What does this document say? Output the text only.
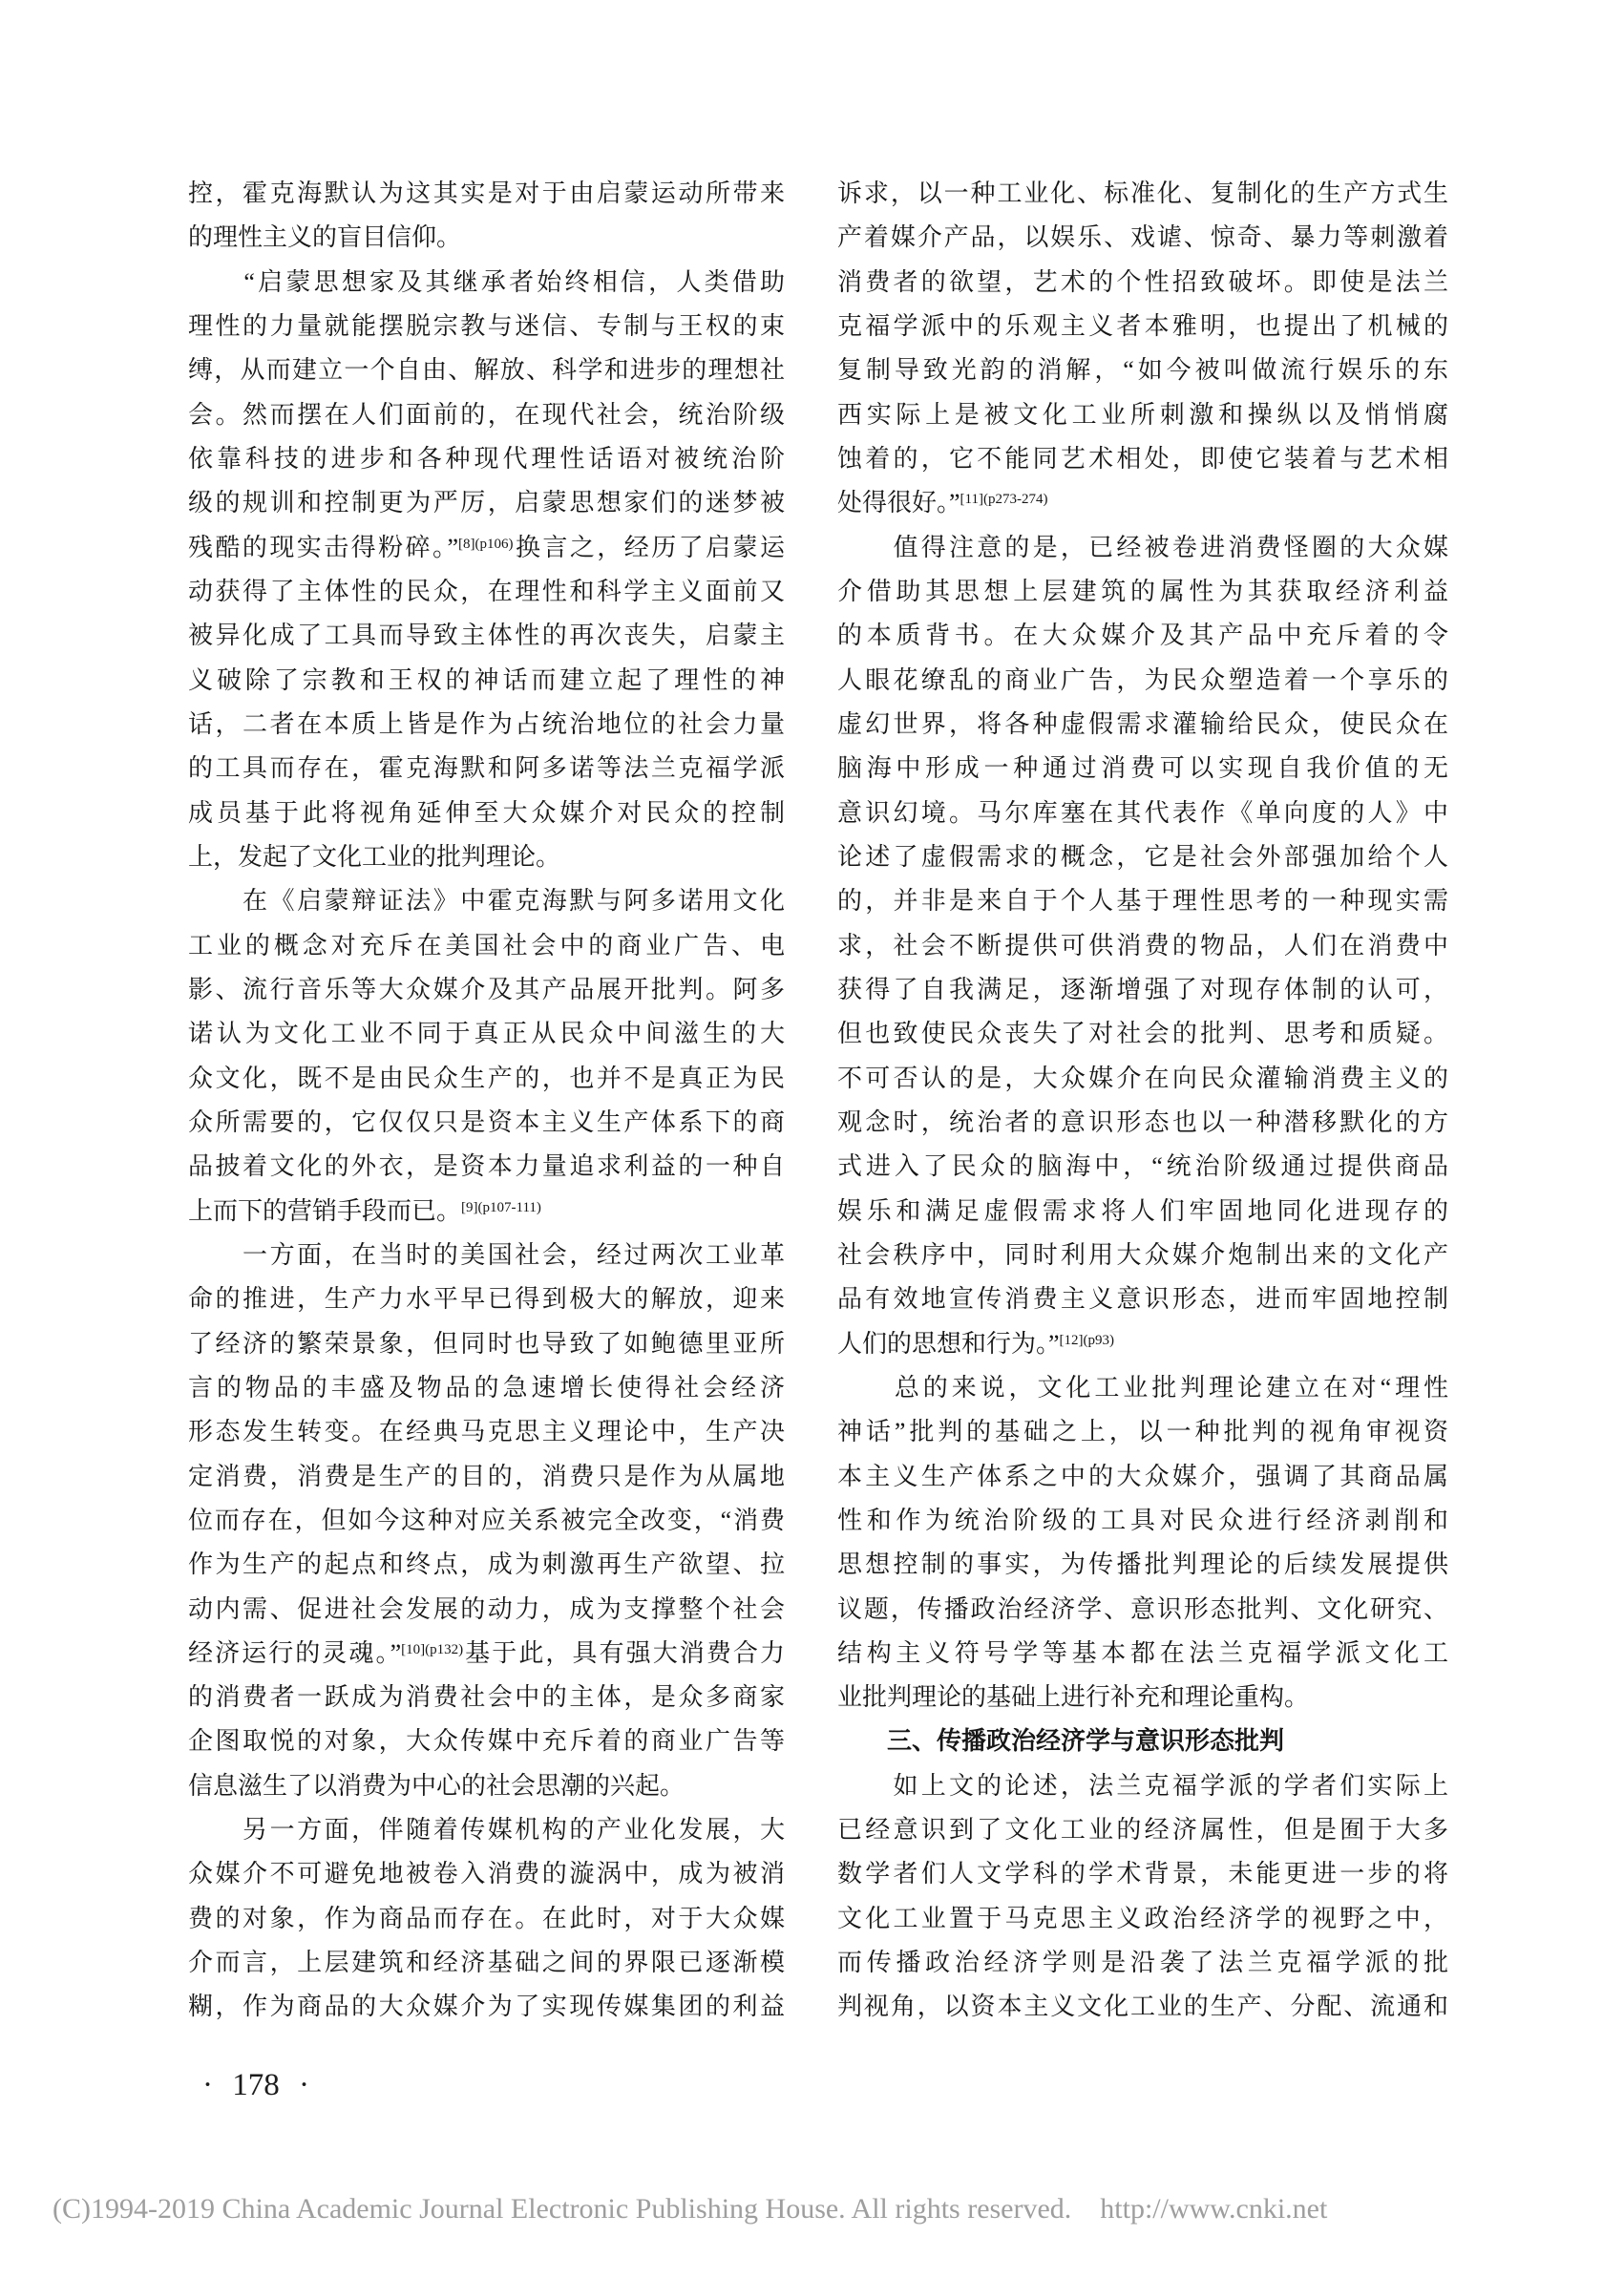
控，霍克海默认为这其实是对于由启蒙运动所带来
的理性主义的盲目信仰。
　　“启蒙思想家及其继承者始终相信，人类借助
理性的力量就能摆脱宗教与迷信、专制与王权的束
缚，从而建立一个自由、解放、科学和进步的理想社
会。然而摆在人们面前的，在现代社会，统治阶级
依靠科技的进步和各种现代理性话语对被统治阶
级的规训和控制更为严厉，启蒙思想家们的迷梦被
残酷的现实击得粉碎。”$^{[8](p106)}$换言之，经历了启蒙运
动获得了主体性的民众，在理性和科学主义面前又
被异化成了工具而导致主体性的再次丧失，启蒙主
义破除了宗教和王权的神话而建立起了理性的神
话，二者在本质上皆是作为占统治地位的社会力量
的工具而存在，霍克海默和阿多诺等法兰克福学派
成员基于此将视角延伸至大众媒介对民众的控制
上，发起了文化工业的批判理论。
　　在《启蒙辩证法》中霍克海默与阿多诺用文化
工业的概念对充斥在美国社会中的商业广告、电
影、流行音乐等大众媒介及其产品展开批判。阿多
诺认为文化工业不同于真正从民众中间滋生的大
众文化，既不是由民众生产的，也并不是真正为民
众所需要的，它仅仅只是资本主义生产体系下的商
品披着文化的外衣，是资本力量追求利益的一种自
上而下的营销手段而已。$^{[9](p107-111)}$
　　一方面，在当时的美国社会，经过两次工业革
命的推进，生产力水平早已得到极大的解放，迎来
了经济的繁荣景象，但同时也导致了如鲍德里亚所
言的物品的丰盛及物品的急速增长使得社会经济
形态发生转变。在经典马克思主义理论中，生产决
定消费，消费是生产的目的，消费只是作为从属地
位而存在，但如今这种对应关系被完全改变，“消费
作为生产的起点和终点，成为刺激再生产欲望、拉
动内需、促进社会发展的动力，成为支撑整个社会
经济运行的灵魂。”$^{[10](p132)}$基于此，具有强大消费合力
的消费者一跃成为消费社会中的主体，是众多商家
企图取悦的对象，大众传媒中充斥着的商业广告等
信息滋生了以消费为中心的社会思潮的兴起。
　　另一方面，伴随着传媒机构的产业化发展，大
众媒介不可避免地被卷入消费的漩涡中，成为被消
费的对象，作为商品而存在。在此时，对于大众媒
介而言，上层建筑和经济基础之间的界限已逐渐模
糊，作为商品的大众媒介为了实现传媒集团的利益
诉求，以一种工业化、标准化、复制化的生产方式生
产着媒介产品，以娱乐、戏谑、惊奇、暴力等刺激着
消费者的欲望，艺术的个性招致破坏。即使是法兰
克福学派中的乐观主义者本雅明，也提出了机械的
复制导致光韵的消解，“如今被叫做流行娱乐的东
西实际上是被文化工业所刺激和操纵以及悄悄腐
蚀着的，它不能同艺术相处，即使它装着与艺术相
处得很好。”$^{[11](p273-274)}$
　　值得注意的是，已经被卷进消费怪圈的大众媒
介借助其思想上层建筑的属性为其获取经济利益
的本质背书。在大众媒介及其产品中充斥着的令
人眼花缭乱的商业广告，为民众塑造着一个享乐的
虚幻世界，将各种虚假需求灌输给民众，使民众在
脑海中形成一种通过消费可以实现自我价值的无
意识幻境。马尔库塞在其代表作《单向度的人》中
论述了虚假需求的概念，它是社会外部强加给个人
的，并非是来自于个人基于理性思考的一种现实需
求，社会不断提供可供消费的物品，人们在消费中
获得了自我满足，逐渐增强了对现存体制的认可，
但也致使民众丧失了对社会的批判、思考和质疑。
不可否认的是，大众媒介在向民众灌输消费主义的
观念时，统治者的意识形态也以一种潜移默化的方
式进入了民众的脑海中，“统治阶级通过提供商品
娱乐和满足虚假需求将人们牢固地同化进现存的
社会秩序中，同时利用大众媒介炮制出来的文化产
品有效地宣传消费主义意识形态，进而牢固地控制
人们的思想和行为。”$^{[12](p93)}$
　　总的来说，文化工业批判理论建立在对“理性
神话”批判的基础之上，以一种批判的视角审视资
本主义生产体系之中的大众媒介，强调了其商品属
性和作为统治阶级的工具对民众进行经济剥削和
思想控制的事实，为传播批判理论的后续发展提供
议题，传播政治经济学、意识形态批判、文化研究、
结构主义符号学等基本都在法兰克福学派文化工
业批判理论的基础上进行补充和理论重构。
　　三、传播政治经济学与意识形态批判
　　如上文的论述，法兰克福学派的学者们实际上
已经意识到了文化工业的经济属性，但是囿于大多
数学者们人文学科的学术背景，未能更进一步的将
文化工业置于马克思主义政治经济学的视野之中，
而传播政治经济学则是沿袭了法兰克福学派的批
判视角，以资本主义文化工业的生产、分配、流通和
· 178 ·
(C)1994-2019 China Academic Journal Electronic Publishing House. All rights reserved.    http://www.cnki.net
